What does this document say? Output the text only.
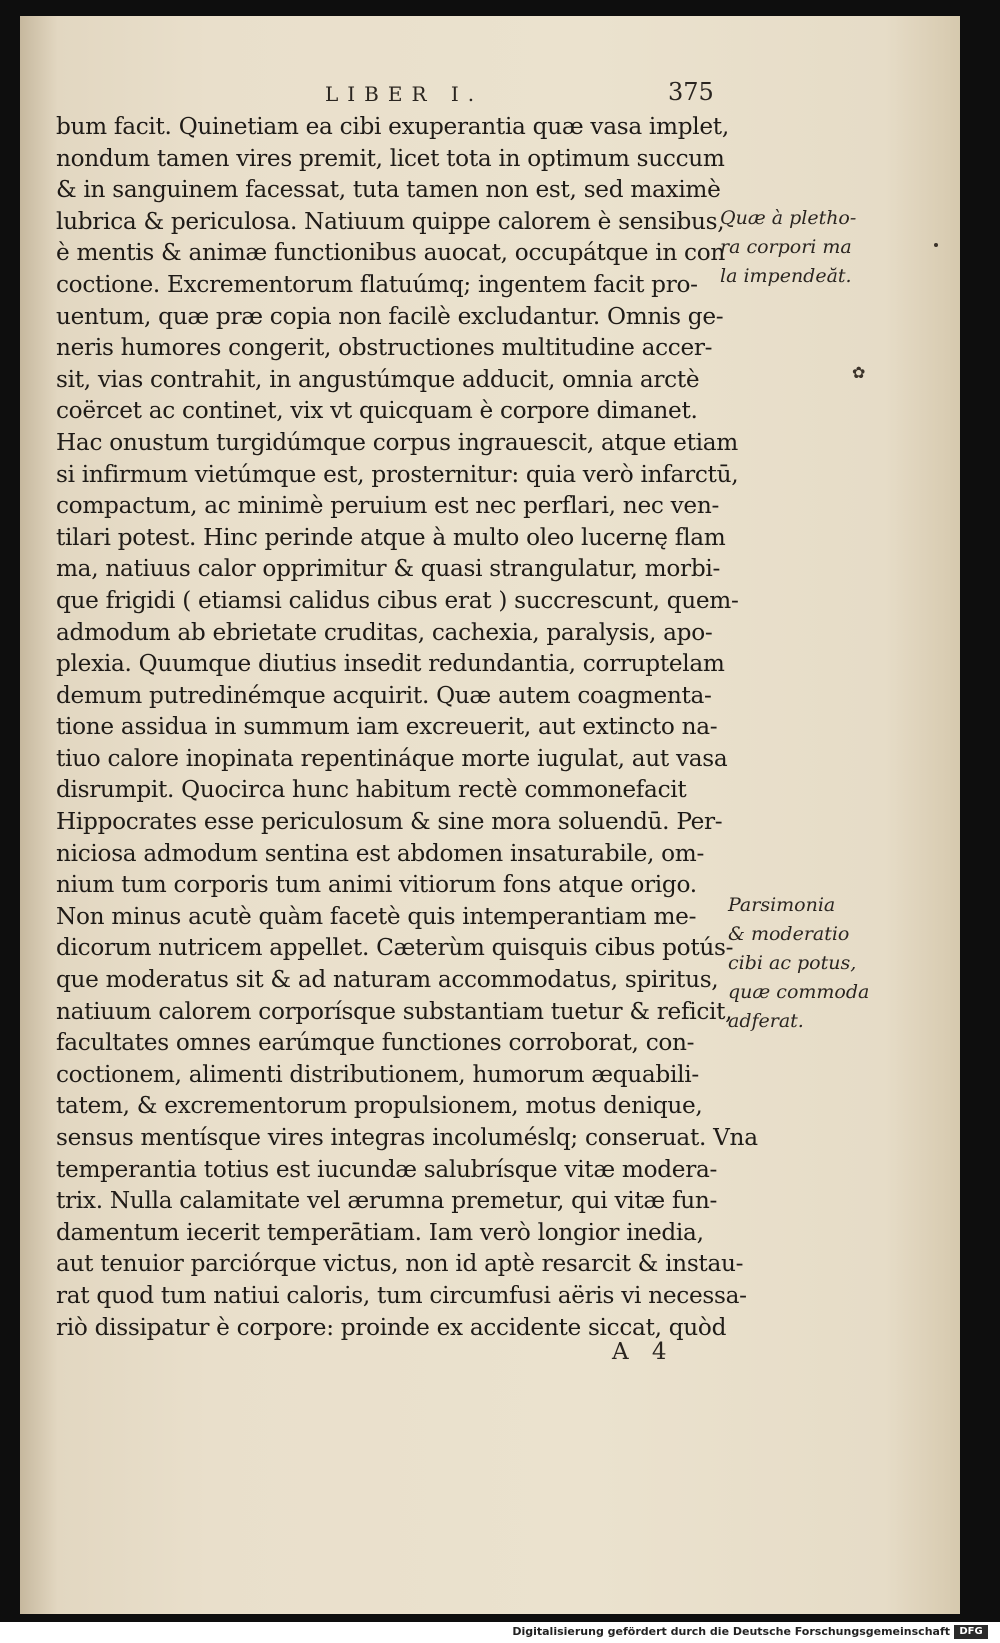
LIBER I.	375
bum facit. Quinetiam ea cibi exuperantia quæ vasa implet,
nondum tamen vires premit, licet tota in optimum succum
& in sanguinem facessat, tuta tamen non est, sed maximè
lubrica & periculosa. Natiuum quippe calorem è sensibus,
è mentis & animæ functionibus auocat, occupátque in con
coctione. Excrementorum flatuúmq; ingentem facit pro-
uentum, quæ præ copia non facilè excludantur. Omnis ge-
neris humores congerit, obstructiones multitudine accer-
sit, vias contrahit, in angustúmque adducit, omnia arctè
coërcet ac continet, vix vt quicquam è corpore dimanet.
Hac onustum turgidúmque corpus ingrauescit, atque etiam
si infirmum vietúmque est, prosternitur: quia verò infarctū,
compactum, ac minimè peruium est nec perflari, nec ven-
tilari potest. Hinc perinde atque à multo oleo lucernę flam
ma, natiuus calor opprimitur & quasi strangulatur, morbi-
que frigidi ( etiamsi calidus cibus erat ) succrescunt, quem-
admodum ab ebrietate cruditas, cachexia, paralysis, apo-
plexia. Quumque diutius insedit redundantia, corruptelam
demum putredinémque acquirit. Quæ autem coagmenta-
tione assidua in summum iam excreuerit, aut extincto na-
tiuo calore inopinata repentináque morte iugulat, aut vasa
disrumpit. Quocirca hunc habitum rectè commonefacit
Hippocrates esse periculosum & sine mora soluendū. Per-
niciosa admodum sentina est abdomen insaturabile, om-
nium tum corporis tum animi vitiorum fons atque origo.
Non minus acutè quàm facetè quis intemperantiam me-
dicorum nutricem appellet. Cæterùm quisquis cibus potús-
que moderatus sit & ad naturam accommodatus, spiritus,
natiuum calorem corporísque substantiam tuetur & reficit,
facultates omnes earúmque functiones corroborat, con-
coctionem, alimenti distributionem, humorum æquabili-
tatem, & excrementorum propulsionem, motus denique,
sensus mentísque vires integras incoluméslq; conseruat. Vna
temperantia totius est iucundæ salubrísque vitæ modera-
trix. Nulla calamitate vel ærumna premetur, qui vitæ fun-
damentum iecerit temperātiam. Iam verò longior inedia,
aut tenuior parciórque victus, non id aptè resarcit & instau-
rat quod tum natiui caloris, tum circumfusi aëris vi necessa-
riò dissipatur è corpore: proinde ex accidente siccat, quòd
Quæ à pletho-
ra corpori ma
la impendeăt.
✿
Parsimonia
& moderatio
cibi ac potus,
quæ commoda
adferat.
A 4
Digitalisierung gefördert durch die Deutsche Forschungsgemeinschaft DFG
